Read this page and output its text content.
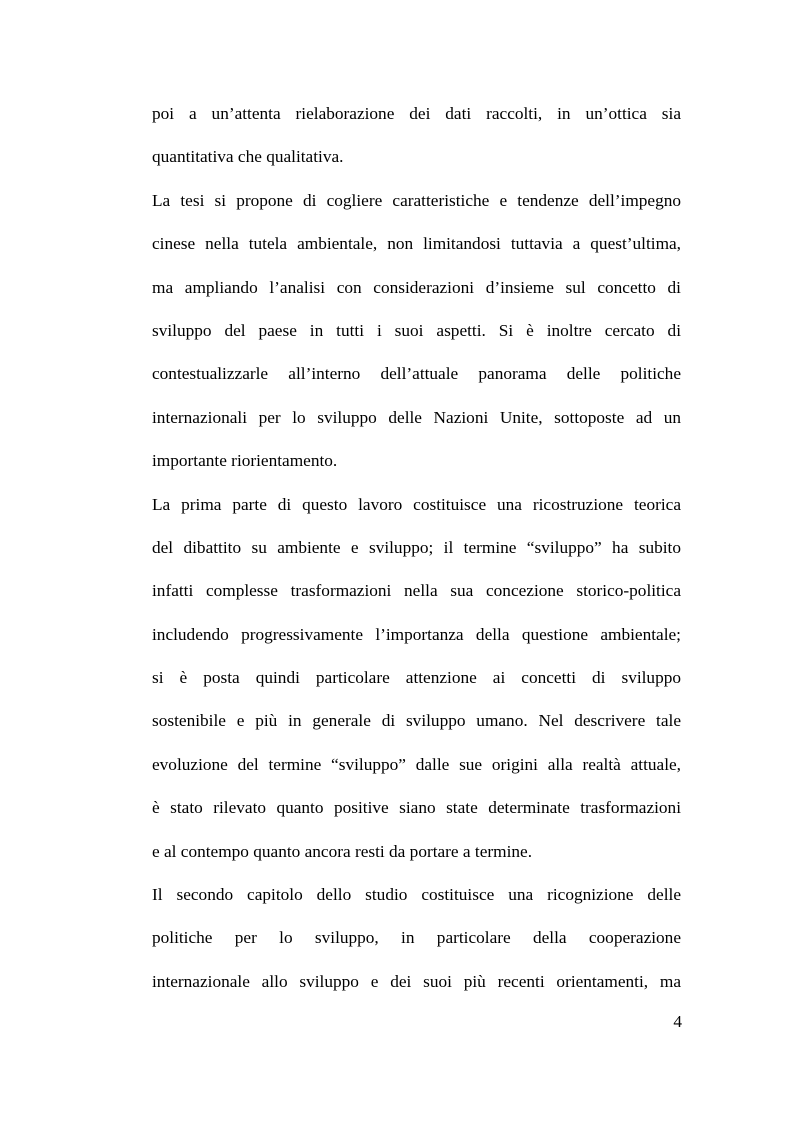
poi a un’attenta rielaborazione dei dati raccolti, in un’ottica sia
quantitativa che qualitativa.
La tesi si propone di cogliere caratteristiche e tendenze dell’impegno
cinese nella tutela ambientale, non limitandosi tuttavia a quest’ultima,
ma ampliando l’analisi con considerazioni d’insieme sul concetto di
sviluppo del paese in tutti i suoi aspetti. Si è inoltre cercato di
contestualizzarle all’interno dell’attuale panorama delle politiche
internazionali per lo sviluppo delle Nazioni Unite, sottoposte ad un
importante riorientamento.
La prima parte di questo lavoro costituisce una ricostruzione teorica
del dibattito su ambiente e sviluppo; il termine “sviluppo” ha subito
infatti complesse trasformazioni nella sua concezione storico-politica
includendo progressivamente l’importanza della questione ambientale;
si è posta quindi particolare attenzione ai concetti di sviluppo
sostenibile e più in generale di sviluppo umano. Nel descrivere tale
evoluzione del termine “sviluppo” dalle sue origini alla realtà attuale,
è stato rilevato quanto positive siano state determinate trasformazioni
e al contempo quanto ancora resti da portare a termine.
Il secondo capitolo dello studio costituisce una ricognizione delle
politiche per lo sviluppo, in particolare della cooperazione
internazionale allo sviluppo e dei suoi più recenti orientamenti, ma
4
